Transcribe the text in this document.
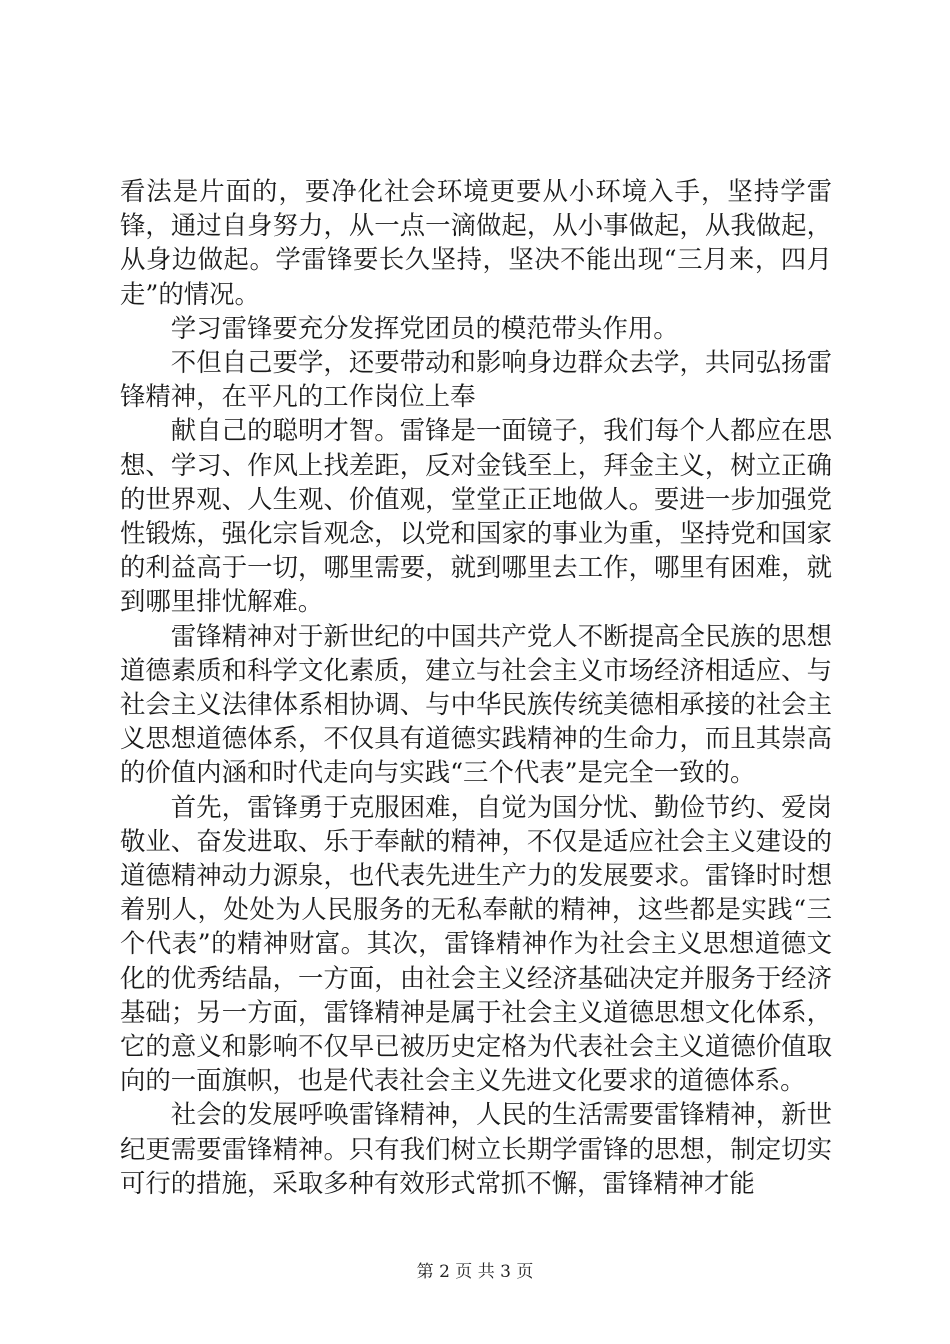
看法是片面的，要净化社会环境更要从小环境入手，坚持学雷锋，通过自身努力，从一点一滴做起，从小事做起，从我做起，从身边做起。学雷锋要长久坚持，坚决不能出现“三月来，四月走”的情况。

学习雷锋要充分发挥党团员的模范带头作用。

不但自己要学，还要带动和影响身边群众去学，共同弘扬雷锋精神，在平凡的工作岗位上奉

献自己的聪明才智。雷锋是一面镜子，我们每个人都应在思想、学习、作风上找差距，反对金钱至上，拜金主义，树立正确的世界观、人生观、价值观，堂堂正正地做人。要进一步加强党性锻炼，强化宗旨观念，以党和国家的事业为重，坚持党和国家的利益高于一切，哪里需要，就到哪里去工作，哪里有困难，就到哪里排忧解难。

雷锋精神对于新世纪的中国共产党人不断提高全民族的思想道德素质和科学文化素质，建立与社会主义市场经济相适应、与社会主义法律体系相协调、与中华民族传统美德相承接的社会主义思想道德体系，不仅具有道德实践精神的生命力，而且其崇高的价值内涵和时代走向与实践“三个代表”是完全一致的。

首先，雷锋勇于克服困难，自觉为国分忧、勤俭节约、爱岗敬业、奋发进取、乐于奉献的精神，不仅是适应社会主义建设的道德精神动力源泉，也代表先进生产力的发展要求。雷锋时时想着别人，处处为人民服务的无私奉献的精神，这些都是实践“三个代表”的精神财富。其次，雷锋精神作为社会主义思想道德文化的优秀结晶，一方面，由社会主义经济基础决定并服务于经济基础；另一方面，雷锋精神是属于社会主义道德思想文化体系，它的意义和影响不仅早已被历史定格为代表社会主义道德价值取向的一面旗帜，也是代表社会主义先进文化要求的道德体系。

社会的发展呼唤雷锋精神，人民的生活需要雷锋精神，新世纪更需要雷锋精神。只有我们树立长期学雷锋的思想，制定切实可行的措施，采取多种有效形式常抓不懈，雷锋精神才能

第 2 页 共 3 页
